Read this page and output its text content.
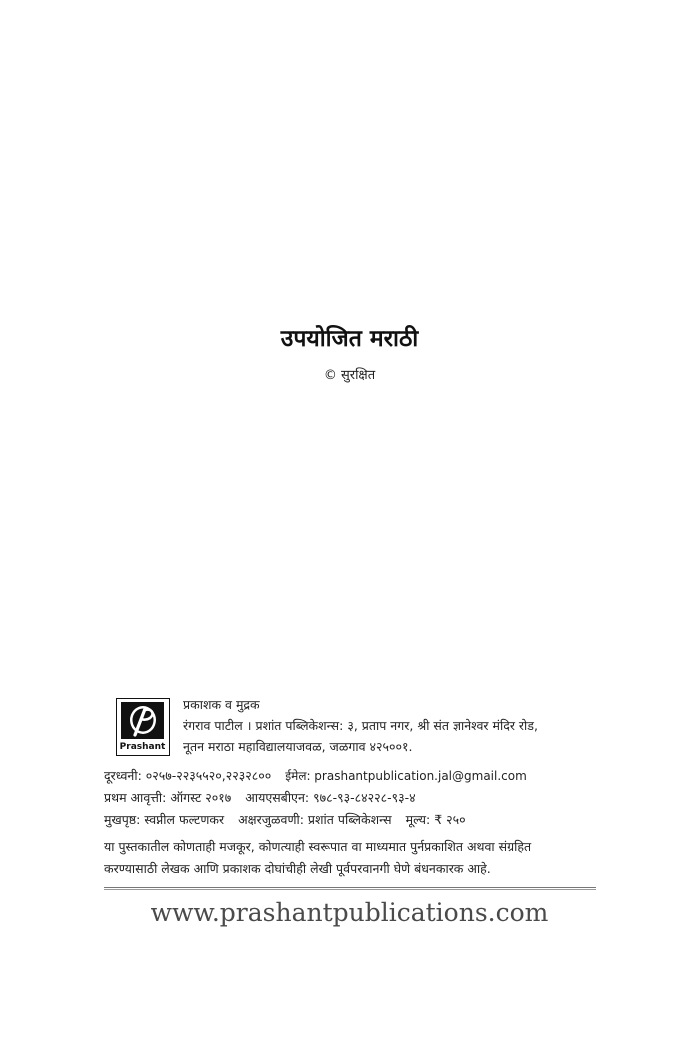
उपयोजित मराठी
© सुरक्षित
Prashant
प्रकाशक व मुद्रक
रंगराव पाटील । प्रशांत पब्लिकेशन्स: ३, प्रताप नगर, श्री संत ज्ञानेश्वर मंदिर रोड,
नूतन मराठा महाविद्यालयाजवळ, जळगाव ४२५००१.
दूरध्वनी: ०२५७-२२३५५२०,२२३२८०० ईमेल: prashantpublication.jal@gmail.com
प्रथम आवृत्ती: ऑगस्ट २०१७ आयएसबीएन: ९७८-९३-८४२२८-९३-४
मुखपृष्ठ: स्वप्नील फल्टणकर अक्षरजुळवणी: प्रशांत पब्लिकेशन्स मूल्य: ₹ २५०
या पुस्तकातील कोणताही मजकूर, कोणत्याही स्वरूपात वा माध्यमात पुर्नप्रकाशित अथवा संग्रहित
करण्यासाठी लेखक आणि प्रकाशक दोघांचीही लेखी पूर्वपरवानगी घेणे बंधनकारक आहे.
www.prashantpublications.com
